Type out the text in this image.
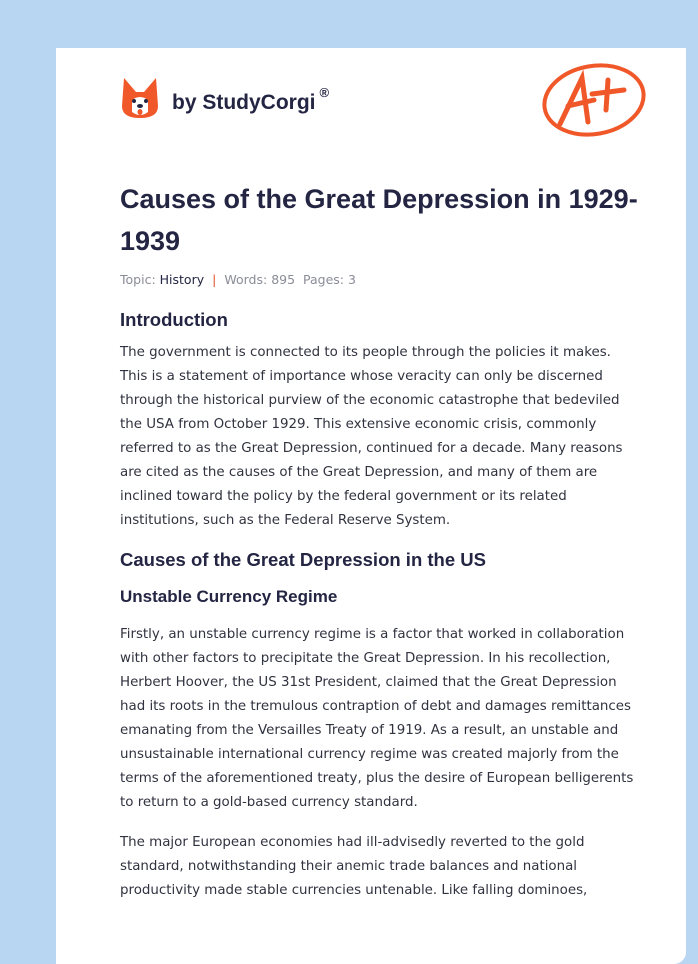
by StudyCorgi ®
Causes of the Great Depression in 1929-1939
Topic: History | Words: 895 Pages: 3
Introduction

The government is connected to its people through the policies it makes. This is a statement of importance whose veracity can only be discerned through the historical purview of the economic catastrophe that bedeviled the USA from October 1929. This extensive economic crisis, commonly referred to as the Great Depression, continued for a decade. Many reasons are cited as the causes of the Great Depression, and many of them are inclined toward the policy by the federal government or its related institutions, such as the Federal Reserve System.

Causes of the Great Depression in the US
Unstable Currency Regime

Firstly, an unstable currency regime is a factor that worked in collaboration with other factors to precipitate the Great Depression. In his recollection, Herbert Hoover, the US 31st President, claimed that the Great Depression had its roots in the tremulous contraption of debt and damages remittances emanating from the Versailles Treaty of 1919. As a result, an unstable and unsustainable international currency regime was created majorly from the terms of the aforementioned treaty, plus the desire of European belligerents to return to a gold-based currency standard.

The major European economies had ill-advisedly reverted to the gold standard, notwithstanding their anemic trade balances and national productivity made stable currencies untenable. Like falling dominoes,
